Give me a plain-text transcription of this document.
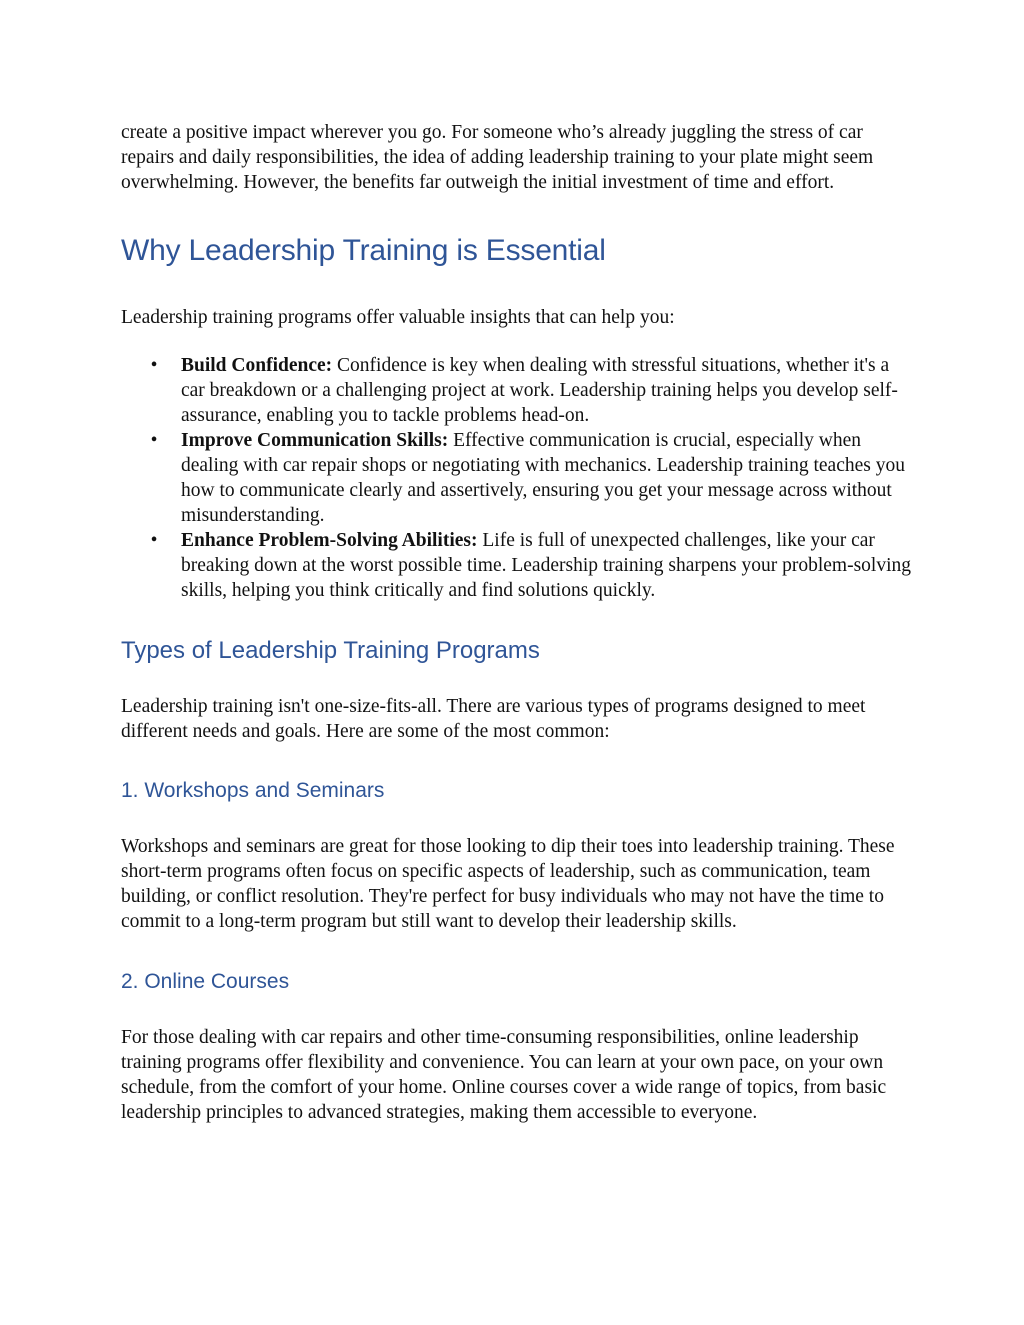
create a positive impact wherever you go. For someone who’s already juggling the stress of car repairs and daily responsibilities, the idea of adding leadership training to your plate might seem overwhelming. However, the benefits far outweigh the initial investment of time and effort.

Why Leadership Training is Essential

Leadership training programs offer valuable insights that can help you:

•	Build Confidence: Confidence is key when dealing with stressful situations, whether it's a car breakdown or a challenging project at work. Leadership training helps you develop self-assurance, enabling you to tackle problems head-on.
•	Improve Communication Skills: Effective communication is crucial, especially when dealing with car repair shops or negotiating with mechanics. Leadership training teaches you how to communicate clearly and assertively, ensuring you get your message across without misunderstanding.
•	Enhance Problem-Solving Abilities: Life is full of unexpected challenges, like your car breaking down at the worst possible time. Leadership training sharpens your problem-solving skills, helping you think critically and find solutions quickly.
Types of Leadership Training Programs

Leadership training isn't one-size-fits-all. There are various types of programs designed to meet different needs and goals. Here are some of the most common:

1. Workshops and Seminars

Workshops and seminars are great for those looking to dip their toes into leadership training. These short-term programs often focus on specific aspects of leadership, such as communication, team building, or conflict resolution. They're perfect for busy individuals who may not have the time to commit to a long-term program but still want to develop their leadership skills.

2. Online Courses

For those dealing with car repairs and other time-consuming responsibilities, online leadership training programs offer flexibility and convenience. You can learn at your own pace, on your own schedule, from the comfort of your home. Online courses cover a wide range of topics, from basic leadership principles to advanced strategies, making them accessible to everyone.
